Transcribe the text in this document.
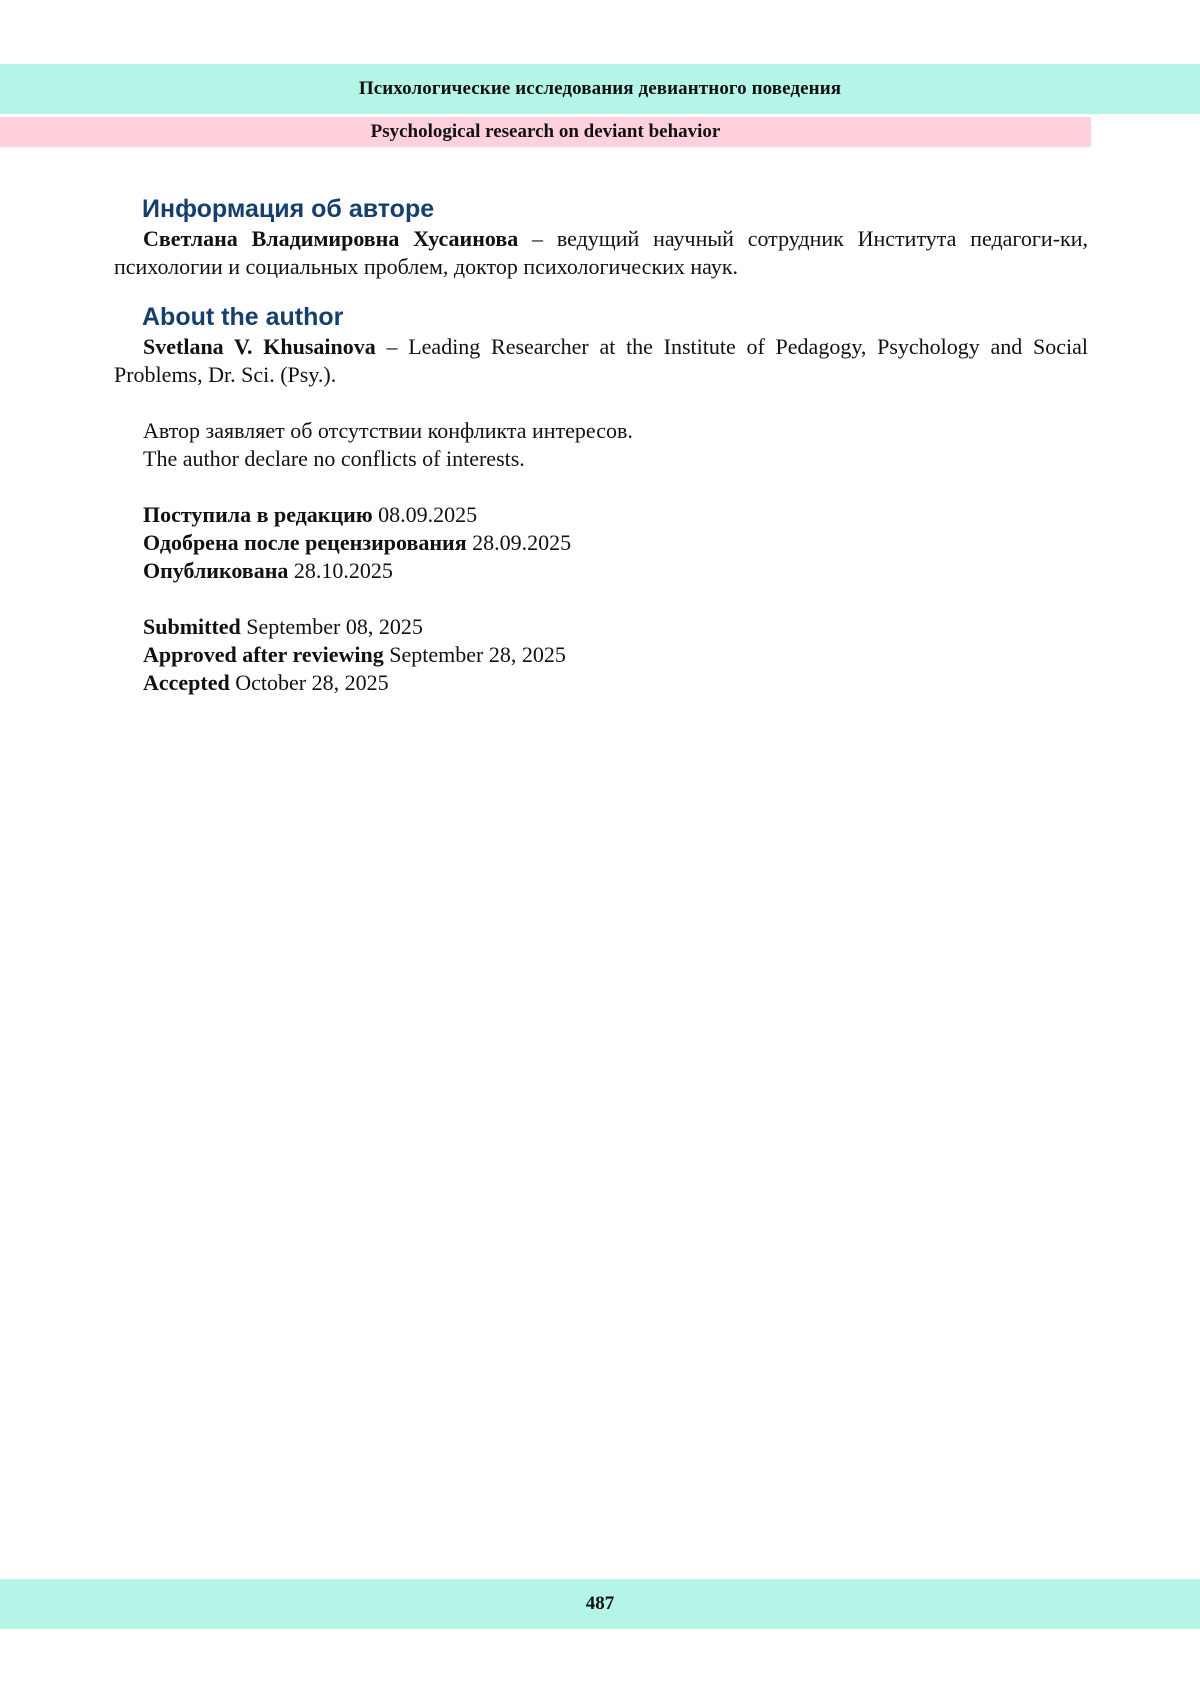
Психологические исследования девиантного поведения
Psychological research on deviant behavior
Информация об авторе

Светлана Владимировна Хусаинова – ведущий научный сотрудник Института педагоги-ки, психологии и социальных проблем, доктор психологических наук.

About the author

Svetlana V. Khusainova – Leading Researcher at the Institute of Pedagogy, Psychology and Social Problems, Dr. Sci. (Psy.).

Автор заявляет об отсутствии конфликта интересов.
The author declare no conflicts of interests.
Поступила в редакцию 08.09.2025
Одобрена после рецензирования 28.09.2025
Опубликована 28.10.2025
Submitted September 08, 2025
Approved after reviewing September 28, 2025
Accepted October 28, 2025
487
